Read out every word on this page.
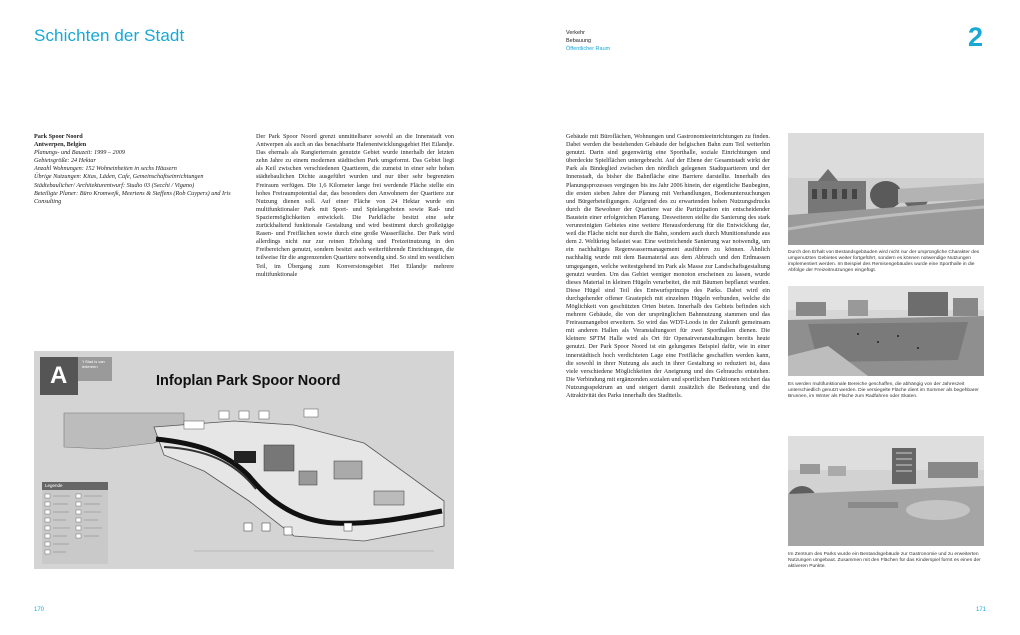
Schichten der Stadt	Verkehr
Bebauung
Öffentlicher Raum	2
Park Spoor Noord
Antwerpen, Belgien
Planungs- und Bauzeit: 1999 – 2009
Gebietsgröße: 24 Hektar
Anzahl Wohnungen: 152 Wohneinheiten in sechs Häusern
Übrige Nutzungen: Kitas, Läden, Cafe, Gemeinschaftseinrichtungen
Städtebaulicher/ Architekturentwurf: Studio 03 (Secchi / Vigano)
Beteiligte Planer: Büro Kromwejk, Meertens & Steffens (Rob Cuypers) und Iris Consulting

Der Park Spoor Noord grenzt unmittelbarer sowohl an die Innenstadt von Antwerpen als auch an das benachbarte Hafenentwicklungsgebiet Het Eilandje. Das ehemals als Rangierterrain genutzte Gebiet wurde innerhalb der letzten zehn Jahre zu einem modernen städtischen Park umgeformt. Das Gebiet liegt als Keil zwischen verschiedenen Quartieren, die zumeist in einer sehr hohen städtebaulichen Dichte ausgeführt wurden und nur über sehr begrenzten Freiraum verfügen. Die 1,6 Kilometer lange frei werdende Fläche stellte ein hohes Freiraumpotential dar, das besonders den Anwohnern der Quartiere zur Nutzung dienen soll. Auf einer Fläche von 24 Hektar wurde ein multifunktionaler Park mit Sport- und Spielangeboten sowie Rad- und Spaziermöglichkeiten entwickelt. Die Parkfläche besitzt eine sehr zurückhaltend funktionale Gestaltung und wird bestimmt durch großzügige Rasen- und Freiflächen sowie durch eine große Wasserfläche. Der Park wird allerdings nicht nur zur reinen Erholung und Freizeitnutzung in den Freibereichen genutzt, sondern besitzt auch weiterführende Einrichtungen, die teilweise für die angrenzenden Quartiere notwendig sind. So sind im westlichen Teil, im Übergang zum Konversionsgebiet Het Eilandje mehrere multifunktionale

Gebäude mit Büroflächen, Wohnungen und Gastronomieeinrichtungen zu finden. Dabei werden die bestehenden Gebäude der belgischen Bahn zum Teil weiterhin genutzt. Darin sind gegenwärtig eine Sporthalle, soziale Einrichtungen und überdeckte Spielflächen untergebracht. Auf der Ebene der Gesamtstadt wirkt der Park als Bindeglied zwischen den nördlich gelegenen Stadtquartieren und der Innenstadt, da bisher die Bahnfläche eine Barriere darstellte. Innerhalb des Planungsprozesses vergingen bis ins Jahr 2006 hinein, der eigentliche Baubeginn, die ersten sieben Jahre der Planung mit Verhandlungen, Bodenuntersuchungen und Bürgerbeteiligungen. Aufgrund des zu erwartenden hohen Nutzungsdrucks durch die Bewohner der Quartiere war die Partizipation ein entscheidender Baustein einer erfolgreichen Planung. Desweiteren stellte die Sanierung des stark verunreinigten Gebietes eine weitere Herausforderung für die Entwicklung dar, weil die Fläche nicht nur durch die Bahn, sondern auch durch Munitionsfunde aus dem 2. Weltkrieg belastet war. Eine weitreichende Sanierung war notwendig, um ein nachhaltiges Regenwassermanagement ausführen zu können. Ähnlich nachhaltig wurde mit dem Baumaterial aus dem Abbruch und den Erdmassen umgegangen, welche weitestgehend im Park als Masse zur Landschaftsgestaltung genutzt wurden. Um das Gebiet weniger monoton erscheinen zu lassen, wurde dieses Material in kleinen Hügeln verarbeitet, die mit Bäumen bepflanzt wurden. Diese Hügel sind Teil des Entwurfsprinzips des Parks. Dabei wird ein durchgehender offener Grastepich mit einzelnen Hügeln verbunden, welche die Möglichkeit von geschützten Orten bieten. Innerhalb des Gebiets befinden sich mehrere Gebäude, die von der ursprünglichen Bahnnutzung stammen und das Freiraumangebot erweitern. So wird das WDT-Loods in der Zukunft gemeinsam mit anderen Hallen als Veranstaltungsort für zwei Sporthallen dienen. Die kleinere SPTM Halle wird als Ort für Openairveranstaltungen bereits heute genutzt. Der Park Spoor Noord ist ein gelungenes Beispiel dafür, wie in einer innerstädtisch hoch verdichteten Lage eine Freifläche geschaffen werden kann, die sowohl in ihrer Nutzung als auch in ihrer Gestaltung so reduziert ist, dass viele verschiedene Möglichkeiten der Aneignung und des Gebrauchs entstehen. Die Verbindung mit ergänzenden sozialen und sportlichen Funktionen reichert das Nutzungsspektrum an und steigert damit zusätzlich die Bedeutung und die Attraktivität des Parks innerhalb des Stadtteils.

A
't Stad is van iedereen
Infoplan Park Spoor Noord
Legende
Durch den Erhalt von Bestandsgebäuden wird nicht nur der ursprüngliche Charakter des umgenutzten Gebietes weiter fortgeführt, sondern es können notwendige Nutzungen implementiert werden. Im Beispiel des Remisengebäudes wurde eine Sporthalle in die Abfolge der Freizeitnutzungen eingefügt.
Es werden multifunktionale Bereiche geschaffen, die abhängig von der Jahreszeit unterschiedlich genutzt werden. Die versiegelte Fläche dient im Sommer als begehbarer Brunnen, im Winter als Fläche zum Radfahren oder Skaten.
Im Zentrum des Parks wurde ein Bestandsgebäude zur Gastronomie und zu erweiterten Nutzungen umgebaut. Zusammen mit den Flächen für das Kinderspiel formt es einen der aktiveren Punkte.
170	171
